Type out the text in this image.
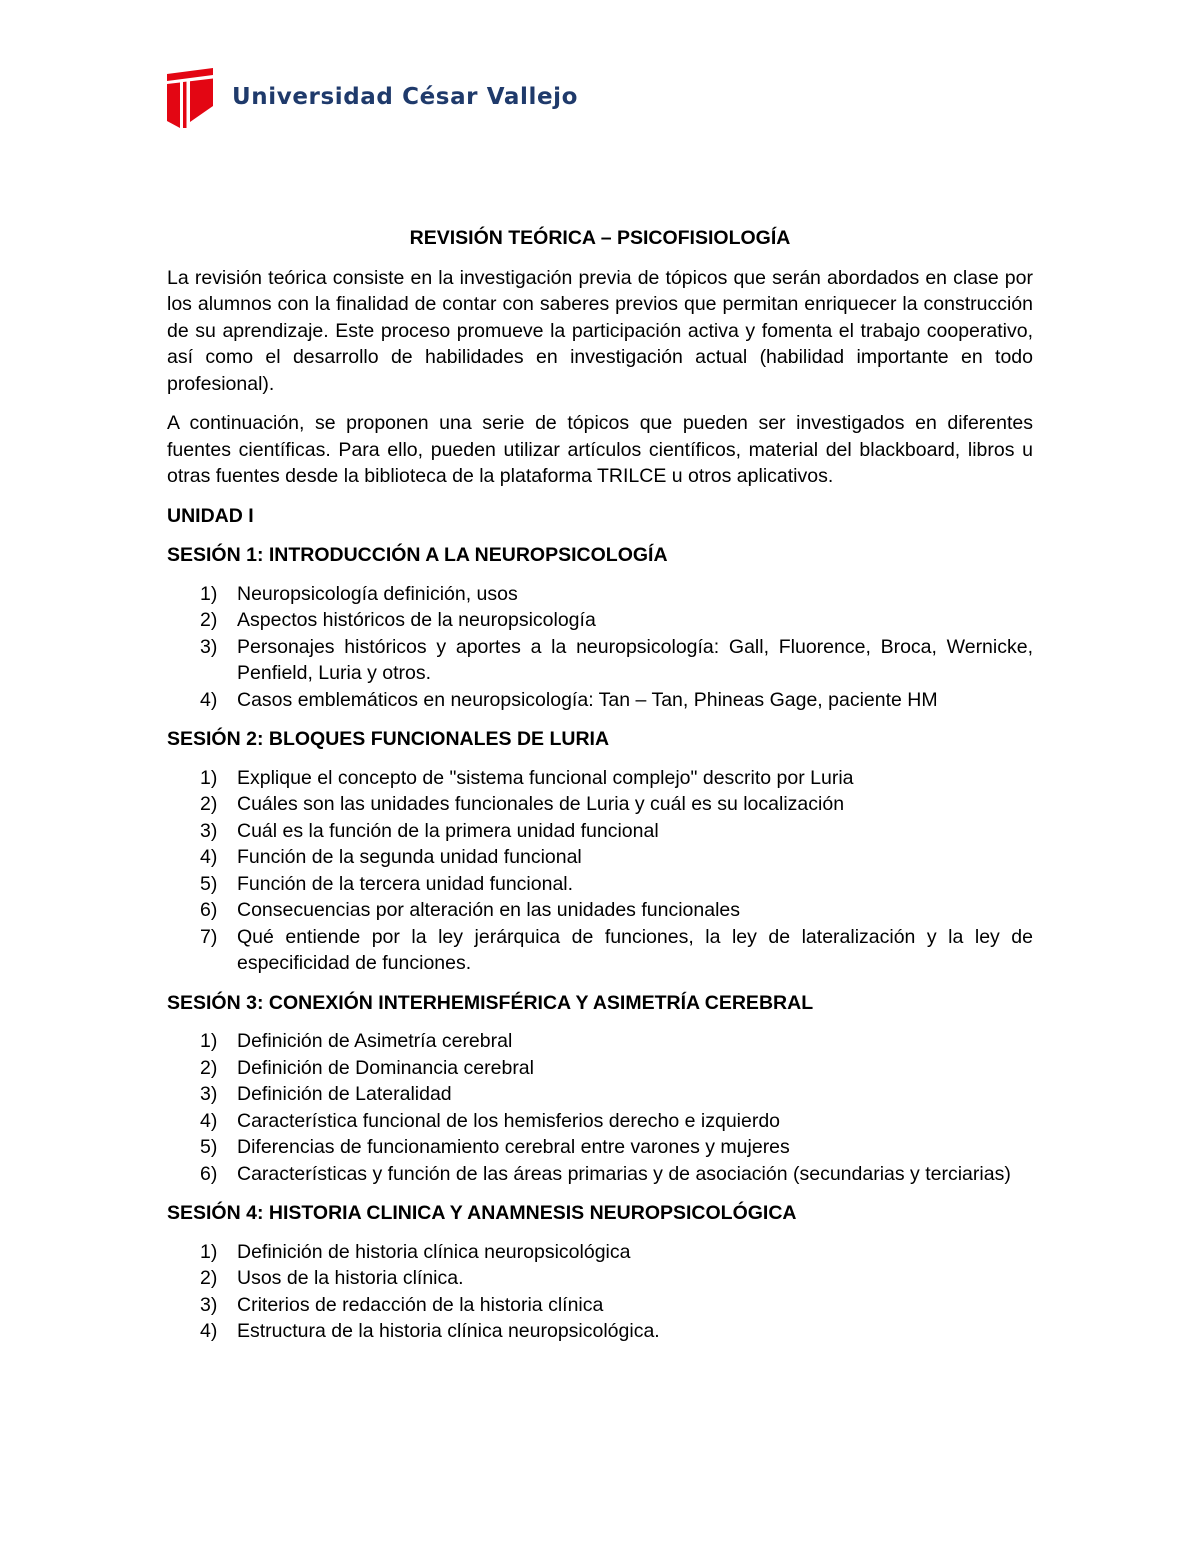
Universidad César Vallejo

REVISIÓN TEÓRICA – PSICOFISIOLOGÍA

La revisión teórica consiste en la investigación previa de tópicos que serán abordados en clase por los alumnos con la finalidad de contar con saberes previos que permitan enriquecer la construcción de su aprendizaje. Este proceso promueve la participación activa y fomenta el trabajo cooperativo, así como el desarrollo de habilidades en investigación actual (habilidad importante en todo profesional).

A continuación, se proponen una serie de tópicos que pueden ser investigados en diferentes fuentes científicas. Para ello, pueden utilizar artículos científicos, material del blackboard, libros u otras fuentes desde la biblioteca de la plataforma TRILCE u otros aplicativos.

UNIDAD I

SESIÓN 1: INTRODUCCIÓN A LA NEUROPSICOLOGÍA

1)	Neuropsicología definición, usos
2)	Aspectos históricos de la neuropsicología
3)	Personajes históricos y aportes a la neuropsicología: Gall, Fluorence, Broca, Wernicke, Penfield, Luria y otros.
4)	Casos emblemáticos en neuropsicología: Tan – Tan, Phineas Gage, paciente HM

SESIÓN 2: BLOQUES FUNCIONALES DE LURIA

1)	Explique el concepto de "sistema funcional complejo" descrito por Luria
2)	Cuáles son las unidades funcionales de Luria y cuál es su localización
3)	Cuál es la función de la primera unidad funcional
4)	Función de la segunda unidad funcional
5)	Función de la tercera unidad funcional.
6)	Consecuencias por alteración en las unidades funcionales
7)	Qué entiende por la ley jerárquica de funciones, la ley de lateralización y la ley de especificidad de funciones.

SESIÓN 3: CONEXIÓN INTERHEMISFÉRICA Y ASIMETRÍA CEREBRAL

1)	Definición de Asimetría cerebral
2)	Definición de Dominancia cerebral
3)	Definición de Lateralidad
4)	Característica funcional de los hemisferios derecho e izquierdo
5)	Diferencias de funcionamiento cerebral entre varones y mujeres
6)	Características y función de las áreas primarias y de asociación (secundarias y terciarias)

SESIÓN 4: HISTORIA CLINICA Y ANAMNESIS NEUROPSICOLÓGICA

1)	Definición de historia clínica neuropsicológica
2)	Usos de la historia clínica.
3)	Criterios de redacción de la historia clínica
4)	Estructura de la historia clínica neuropsicológica.
